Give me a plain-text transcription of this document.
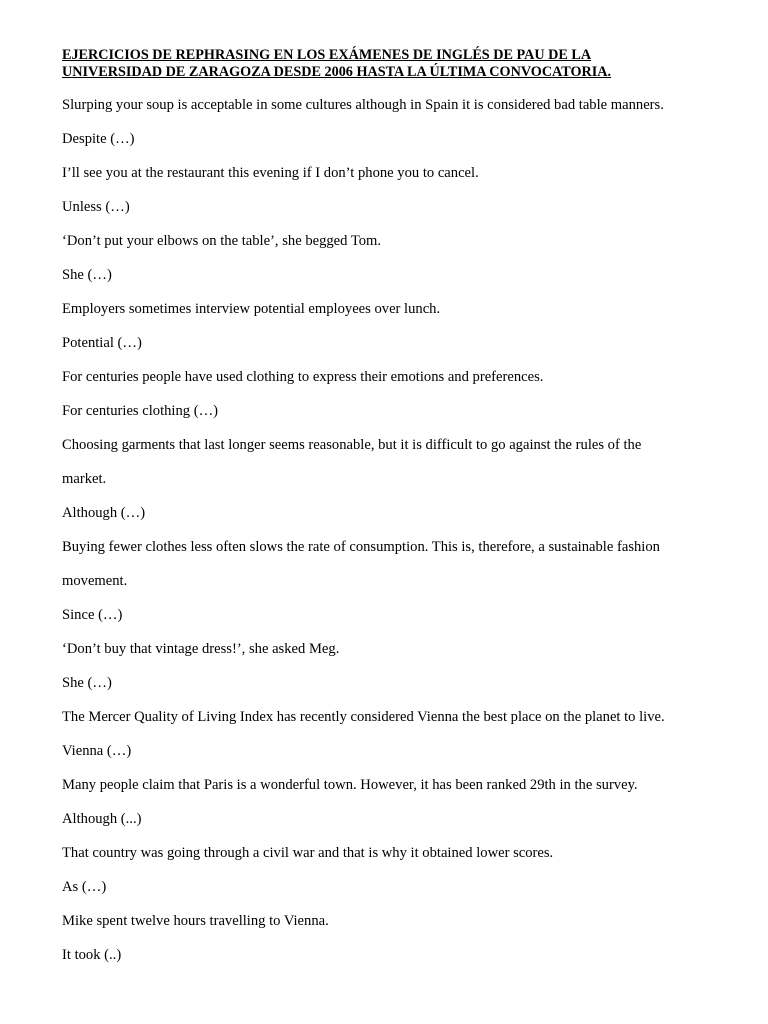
EJERCICIOS DE REPHRASING EN LOS EXÁMENES DE INGLÉS DE PAU DE LA
UNIVERSIDAD DE ZARAGOZA DESDE 2006 HASTA LA ÚLTIMA CONVOCATORIA.
Slurping your soup is acceptable in some cultures although in Spain it is considered bad table manners.
Despite (…)
I’ll see you at the restaurant this evening if I don’t phone you to cancel.
Unless (…)
‘Don’t put your elbows on the table’, she begged Tom.
She (…)
Employers sometimes interview potential employees over lunch.
Potential (…)
For centuries people have used clothing to express their emotions and preferences.
For centuries clothing (…)
Choosing garments that last longer seems reasonable, but it is difficult to go against the rules of the
market.
Although (…)
Buying fewer clothes less often slows the rate of consumption. This is, therefore, a sustainable fashion
movement.
Since (…)
‘Don’t buy that vintage dress!’, she asked Meg.
She (…)
The Mercer Quality of Living Index has recently considered Vienna the best place on the planet to live.
Vienna (…)
Many people claim that Paris is a wonderful town. However, it has been ranked 29th in the survey.
Although (...)
That country was going through a civil war and that is why it obtained lower scores.
As (…)
Mike spent twelve hours travelling to Vienna.
It took (..)
